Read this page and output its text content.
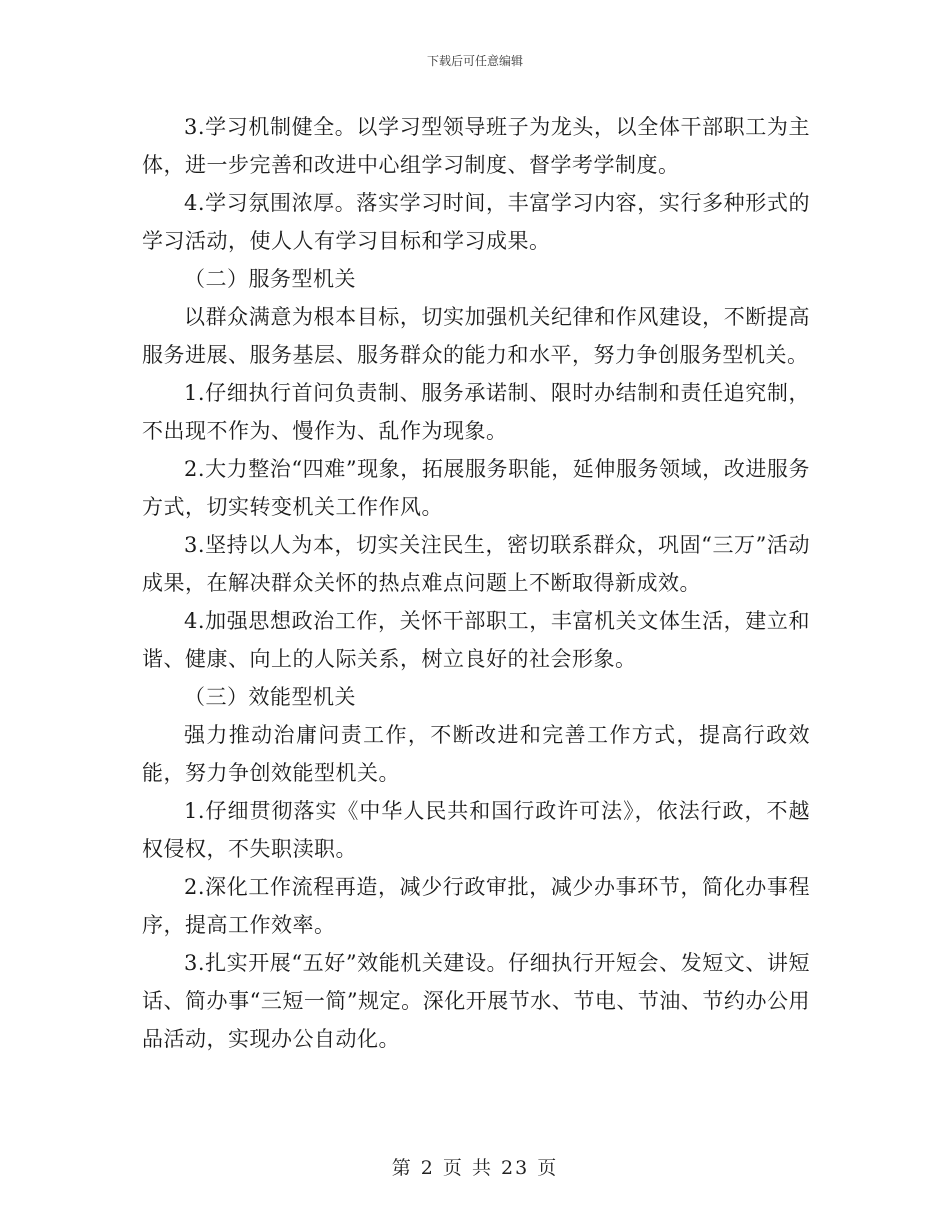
下载后可任意编辑

3.学习机制健全。以学习型领导班子为龙头，以全体干部职工为主体，进一步完善和改进中心组学习制度、督学考学制度。

4.学习氛围浓厚。落实学习时间，丰富学习内容，实行多种形式的学习活动，使人人有学习目标和学习成果。

（二）服务型机关

以群众满意为根本目标，切实加强机关纪律和作风建设，不断提高服务进展、服务基层、服务群众的能力和水平，努力争创服务型机关。

1.仔细执行首问负责制、服务承诺制、限时办结制和责任追究制，不出现不作为、慢作为、乱作为现象。

2.大力整治“四难”现象，拓展服务职能，延伸服务领域，改进服务方式，切实转变机关工作作风。

3.坚持以人为本，切实关注民生，密切联系群众，巩固“三万”活动成果，在解决群众关怀的热点难点问题上不断取得新成效。

4.加强思想政治工作，关怀干部职工，丰富机关文体生活，建立和谐、健康、向上的人际关系，树立良好的社会形象。

（三）效能型机关

强力推动治庸问责工作，不断改进和完善工作方式，提高行政效能，努力争创效能型机关。

1.仔细贯彻落实《中华人民共和国行政许可法》，依法行政，不越权侵权，不失职渎职。

2.深化工作流程再造，减少行政审批，减少办事环节，简化办事程序，提高工作效率。

3.扎实开展“五好”效能机关建设。仔细执行开短会、发短文、讲短话、简办事“三短一简”规定。深化开展节水、节电、节油、节约办公用品活动，实现办公自动化。

第 2 页 共 23 页
